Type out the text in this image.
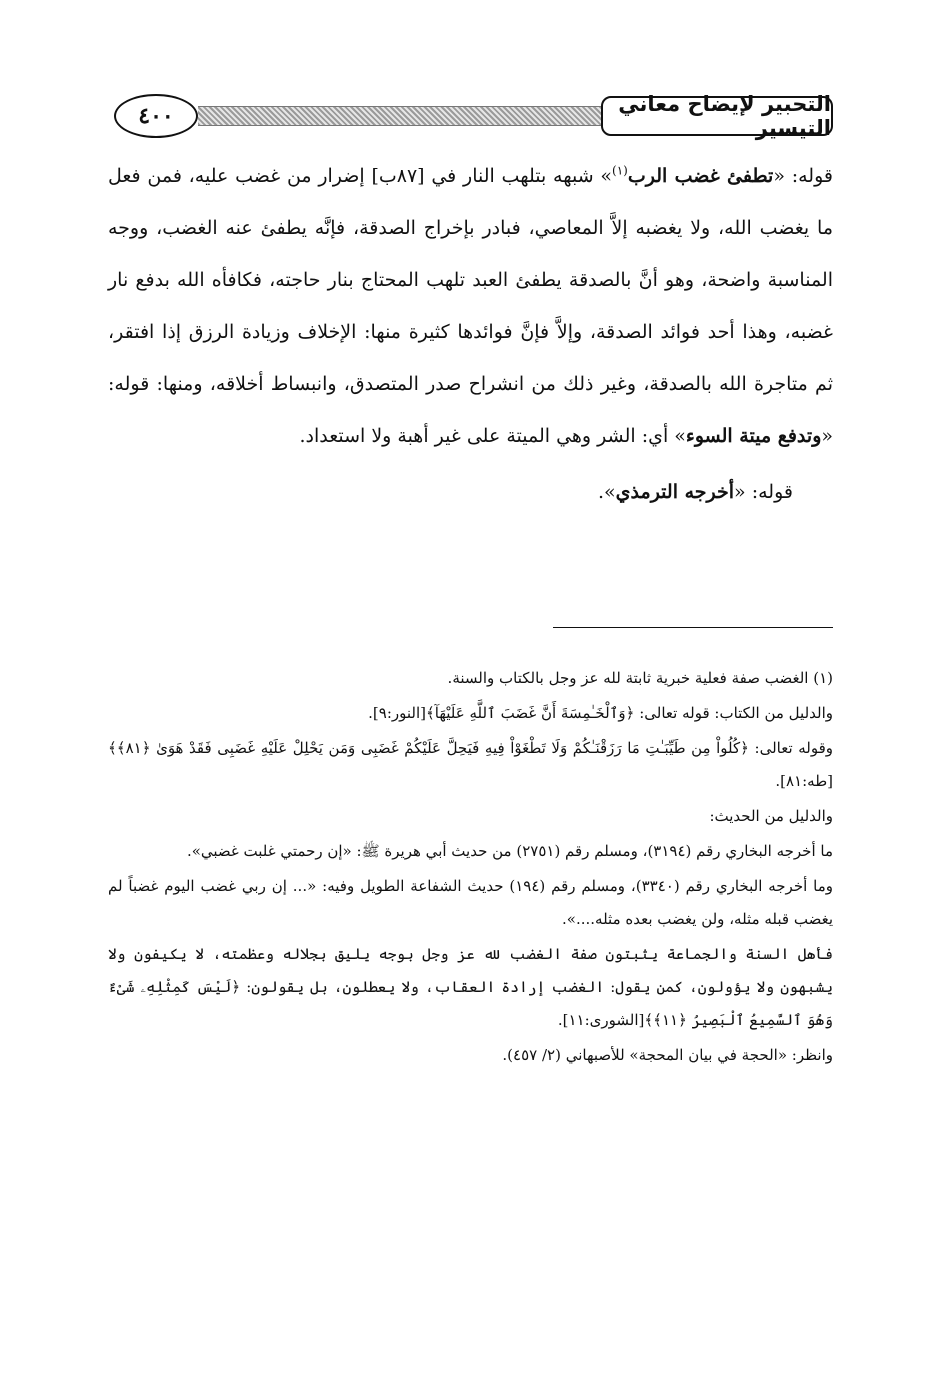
التحبير لإيضاح معاني التيسير
٤٠٠

قوله: «تطفئ غضب الرب$^{(١)}$» شبهه بتلهب النار في [٨٧ب] إضرار من غضب عليه، فمن فعل ما يغضب الله، ولا يغضبه إلاَّ المعاصي، فبادر بإخراج الصدقة، فإنَّه يطفئ عنه الغضب، ووجه المناسبة واضحة، وهو أنَّ بالصدقة يطفئ العبد تلهب المحتاج بنار حاجته، فكافأه الله بدفع نار غضبه، وهذا أحد فوائد الصدقة، وإلاَّ فإنَّ فوائدها كثيرة منها: الإخلاف وزيادة الرزق إذا افتقر، ثم متاجرة الله بالصدقة، وغير ذلك من انشراح صدر المتصدق، وانبساط أخلاقه، ومنها: قوله: «وتدفع ميتة السوء» أي: الشر وهي الميتة على غير أهبة ولا استعداد.

قوله: «أخرجه الترمذي».

(١) الغضب صفة فعلية خبرية ثابتة لله عز وجل بالكتاب والسنة.

والدليل من الكتاب: قوله تعالى: ﴿وَٱلْخَـٰمِسَةَ أَنَّ غَضَبَ ٱللَّهِ عَلَيْهَآ﴾[النور:٩].

وقوله تعالى: ﴿كُلُواْ مِن طَيِّبَـٰتِ مَا رَزَقْنَـٰكُمْ وَلَا تَطْغَوْاْ فِيهِ فَيَحِلَّ عَلَيْكُمْ غَضَبِى وَمَن يَحْلِلْ عَلَيْهِ غَضَبِى فَقَدْ هَوَىٰ ﴿٨١﴾﴾[طه:٨١].

والدليل من الحديث:

ما أخرجه البخاري رقم (٣١٩٤)، ومسلم رقم (٢٧٥١) من حديث أبي هريرة ﷺ: «إن رحمتي غلبت غضبي».

وما أخرجه البخاري رقم (٣٣٤٠)، ومسلم رقم (١٩٤) حديث الشفاعة الطويل وفيه: «... إن ربي غضب اليوم غضباً لم يغضب قبله مثله، ولن يغضب بعده مثله....».

فأهل السنة والجماعة يثبتون صفة الغضب لله عز وجل بوجه يليق بجلاله وعظمته، لا يكيفون ولا يشبهون ولا يؤولون، كمن يقول: الغضب إرادة العقاب، ولا يعطلون، بل يقولون: ﴿لَيْسَ كَمِثْلِهِۦ شَىْءٌ وَهُوَ ٱلسَّمِيعُ ٱلْبَصِيرُ ﴿١١﴾﴾[الشورى:١١].

وانظر: «الحجة في بيان المحجة» للأصبهاني (٢/ ٤٥٧).
